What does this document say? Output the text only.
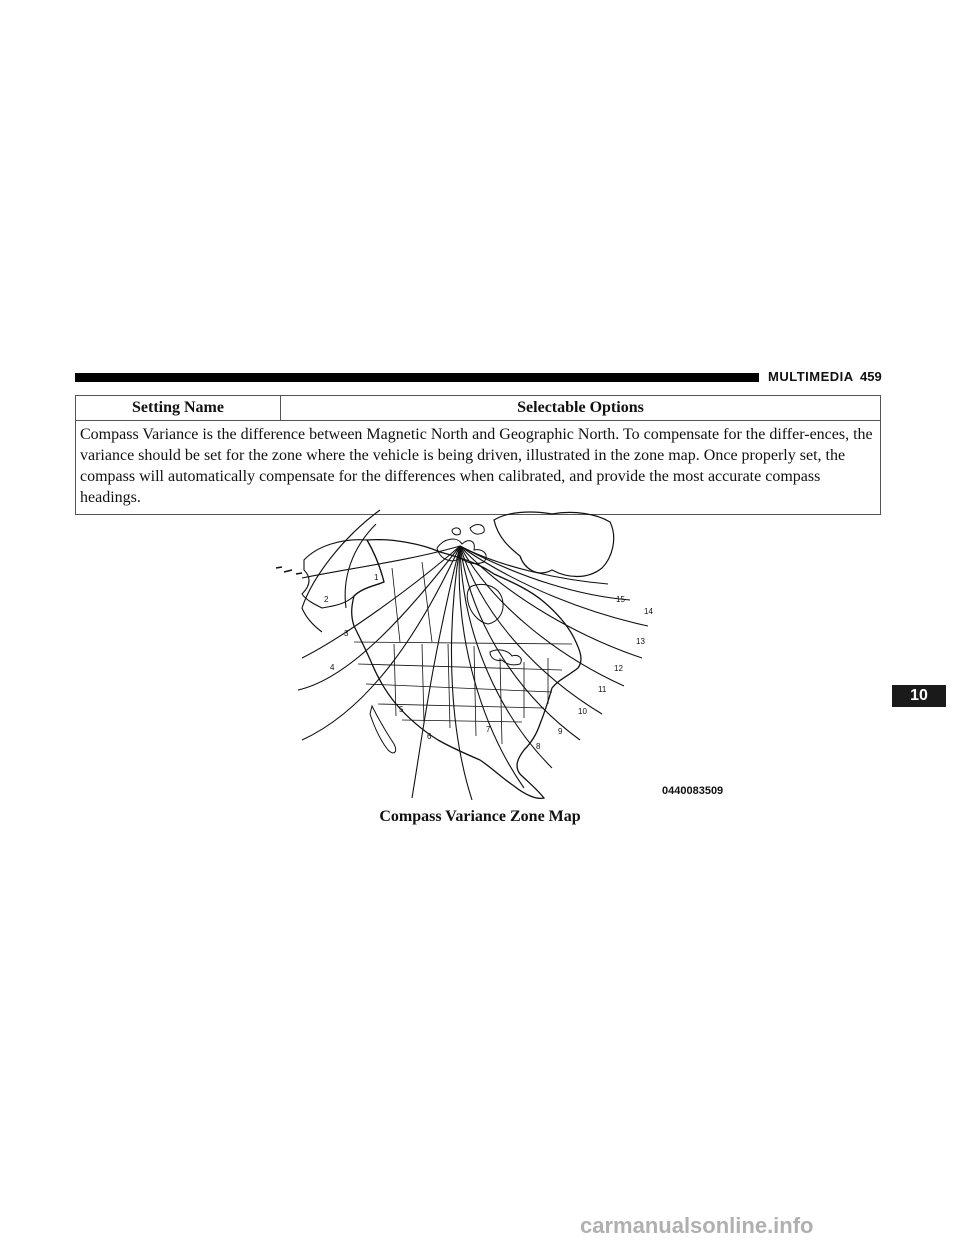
MULTIMEDIA 459
Setting Name	Selectable Options
Compass Variance is the difference between Magnetic North and Geographic North. To compensate for the differ-ences, the variance should be set for the zone where the vehicle is being driven, illustrated in the zone map. Once properly set, the compass will automatically compensate for the differences when calibrated, and provide the most accurate compass headings.
1
2
3
4
5
6
7
8
9
10
11
12
13
14
15
0440083509
Compass Variance Zone Map
10
carmanualsonline.info
